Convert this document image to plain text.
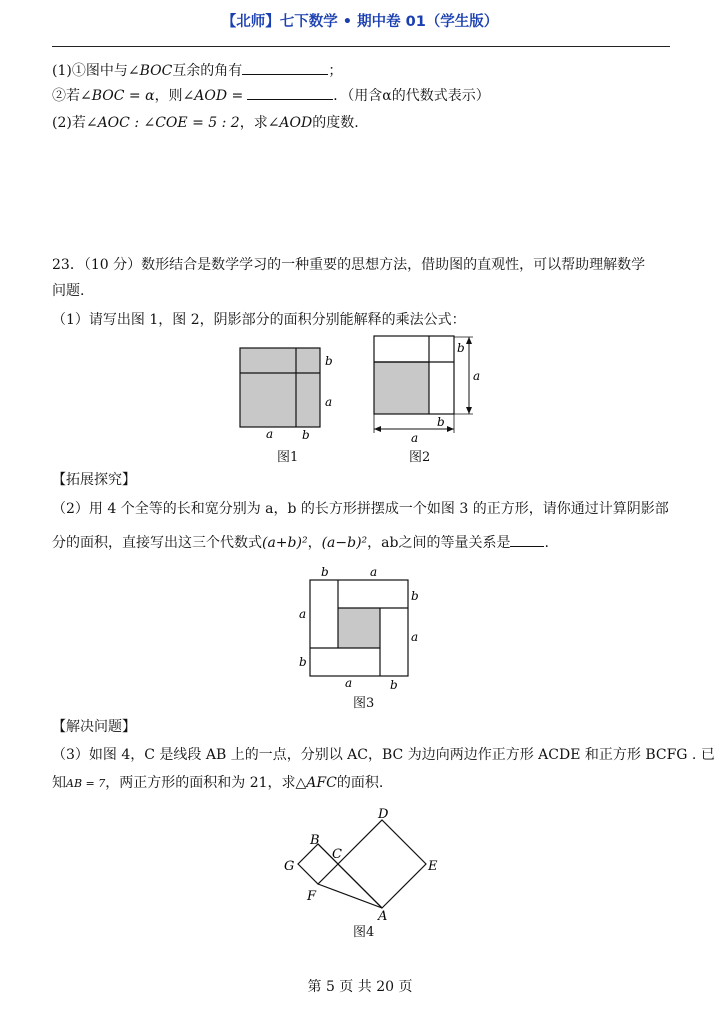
【北师】七下数学 • 期中卷 01（学生版）
(1)①图中与∠BOC互余的角有	；
②若∠BOC = α，则∠AOD =	．（用含α的代数式表示）
(2)若∠AOC : ∠COE = 5 : 2，求∠AOD的度数.
23．（10 分）数形结合是数学学习的一种重要的思想方法，借助图的直观性，可以帮助理解数学
问题.
（1）请写出图 1，图 2，阴影部分的面积分别能解释的乘法公式：
b
a
a b
图1
b
a
b
a
图2
【拓展探究】
（2）用 4 个全等的长和宽分别为 a，b 的长方形拼摆成一个如图 3 的正方形，请你通过计算阴影部
分的面积，直接写出这三个代数式(a+b)²，(a−b)²，ab之间的等量关系是 .
b	a
b
a
a
b
a	b
图3
【解决问题】
（3）如图 4，C 是线段 AB 上的一点，分别以 AC，BC 为边向两边作正方形 ACDE 和正方形 BCFG . 已
知AB = 7，两正方形的面积和为 21，求△AFC的面积.
D
E
A
C
B
G
F
图4
第 5 页 共 20 页
